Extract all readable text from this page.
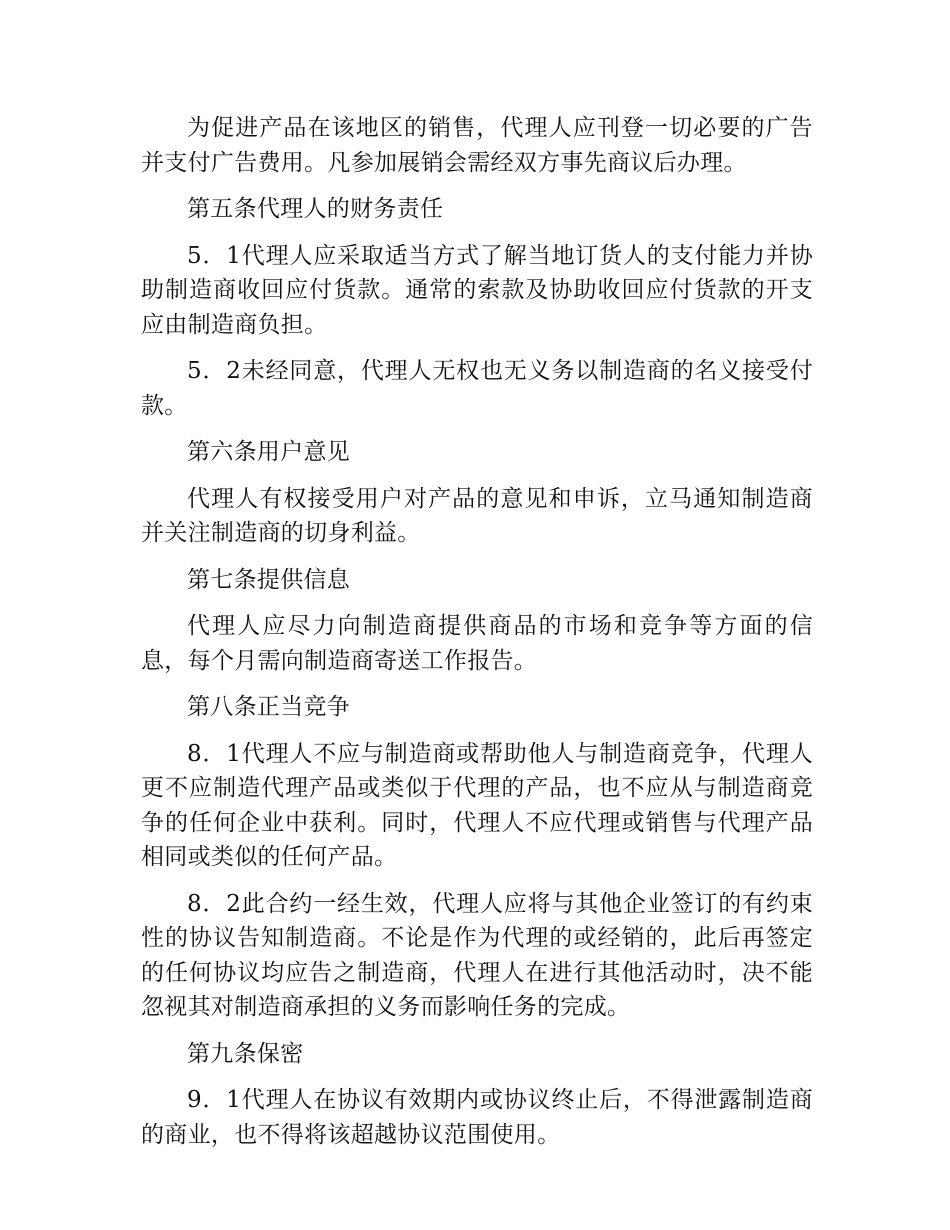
为促进产品在该地区的销售，代理人应刊登一切必要的广告并支付广告费用。凡参加展销会需经双方事先商议后办理。

第五条代理人的财务责任

5．1代理人应采取适当方式了解当地订货人的支付能力并协助制造商收回应付货款。通常的索款及协助收回应付货款的开支应由制造商负担。

5．2未经同意，代理人无权也无义务以制造商的名义接受付款。

第六条用户意见

代理人有权接受用户对产品的意见和申诉，立马通知制造商并关注制造商的切身利益。

第七条提供信息

代理人应尽力向制造商提供商品的市场和竞争等方面的信息，每个月需向制造商寄送工作报告。

第八条正当竞争

8．1代理人不应与制造商或帮助他人与制造商竞争，代理人更不应制造代理产品或类似于代理的产品，也不应从与制造商竞争的任何企业中获利。同时，代理人不应代理或销售与代理产品相同或类似的任何产品。

8．2此合约一经生效，代理人应将与其他企业签订的有约束性的协议告知制造商。不论是作为代理的或经销的，此后再签定的任何协议均应告之制造商，代理人在进行其他活动时，决不能忽视其对制造商承担的义务而影响任务的完成。

第九条保密

9．1代理人在协议有效期内或协议终止后，不得泄露制造商的商业，也不得将该超越协议范围使用。
